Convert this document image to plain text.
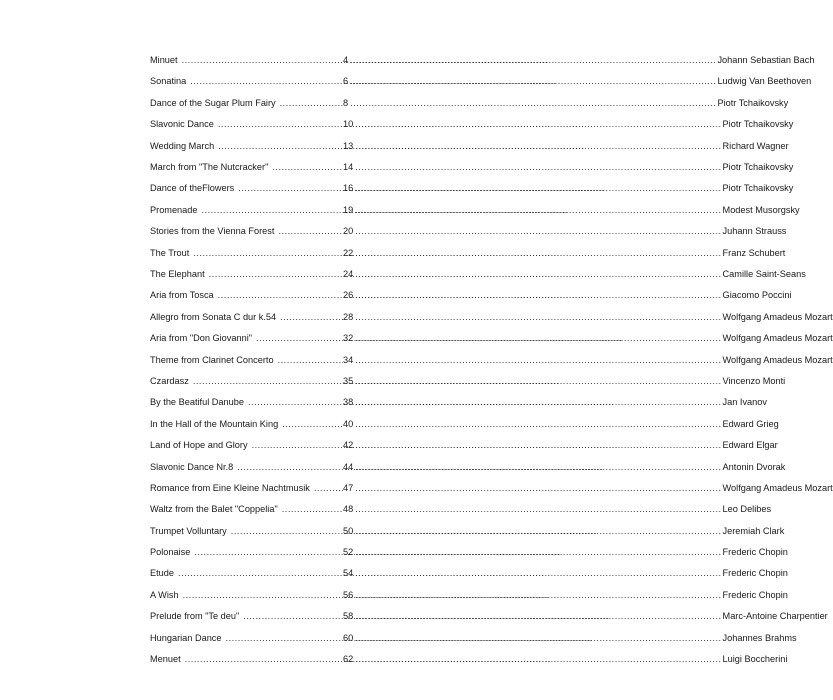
Minuet .....	4 .....	Johann Sebastian Bach
Sonatina .....	6 .....	Ludwig Van Beethoven
Dance of the Sugar Plum Fairy .....	8 .....	Piotr Tchaikovsky
Slavonic Dance .....	10 .....	Piotr Tchaikovsky
Wedding March .....	13 .....	Richard Wagner
March from "The Nutcracker" .....	14 .....	Piotr Tchaikovsky
Dance of theFlowers .....	16 .....	Piotr Tchaikovsky
Promenade .....	19 .....	Modest Musorgsky
Stories from the Vienna Forest .....	20 .....	Juhann Strauss
The Trout .....	22 .....	Franz Schubert
The Elephant .....	24 .....	Camille Saint-Seans
Aria from Tosca .....	26 .....	Giacomo Poccini
Allegro from Sonata C dur k.54 .....	28 .....	Wolfgang Amadeus Mozart
Aria from "Don Giovanni" .....	32 .....	Wolfgang Amadeus Mozart
Theme from Clarinet Concerto .....	34 .....	Wolfgang Amadeus Mozart
Czardasz .....	35 .....	Vincenzo Monti
By the Beatiful Danube .....	38 .....	Jan Ivanov
In the Hall of the Mountain King .....	40 .....	Edward Grieg
Land of Hope and Glory .....	42 .....	Edward Elgar
Slavonic Dance Nr.8 .....	44 .....	Antonin Dvorak
Romance from Eine Kleine Nachtmusik .....	47 .....	Wolfgang Amadeus Mozart
Waltz from the Balet "Coppelia" .....	48 .....	Leo Delibes
Trumpet Volluntary .....	50 .....	Jeremiah Clark
Polonaise .....	52 .....	Frederic Chopin
Etude .....	54 .....	Frederic Chopin
A Wish .....	56 .....	Frederic Chopin
Prelude from "Te deu" .....	58 .....	Marc-Antoine Charpentier
Hungarian Dance .....	60 .....	Johannes Brahms
Menuet .....	62 .....	Luigi Boccherini
